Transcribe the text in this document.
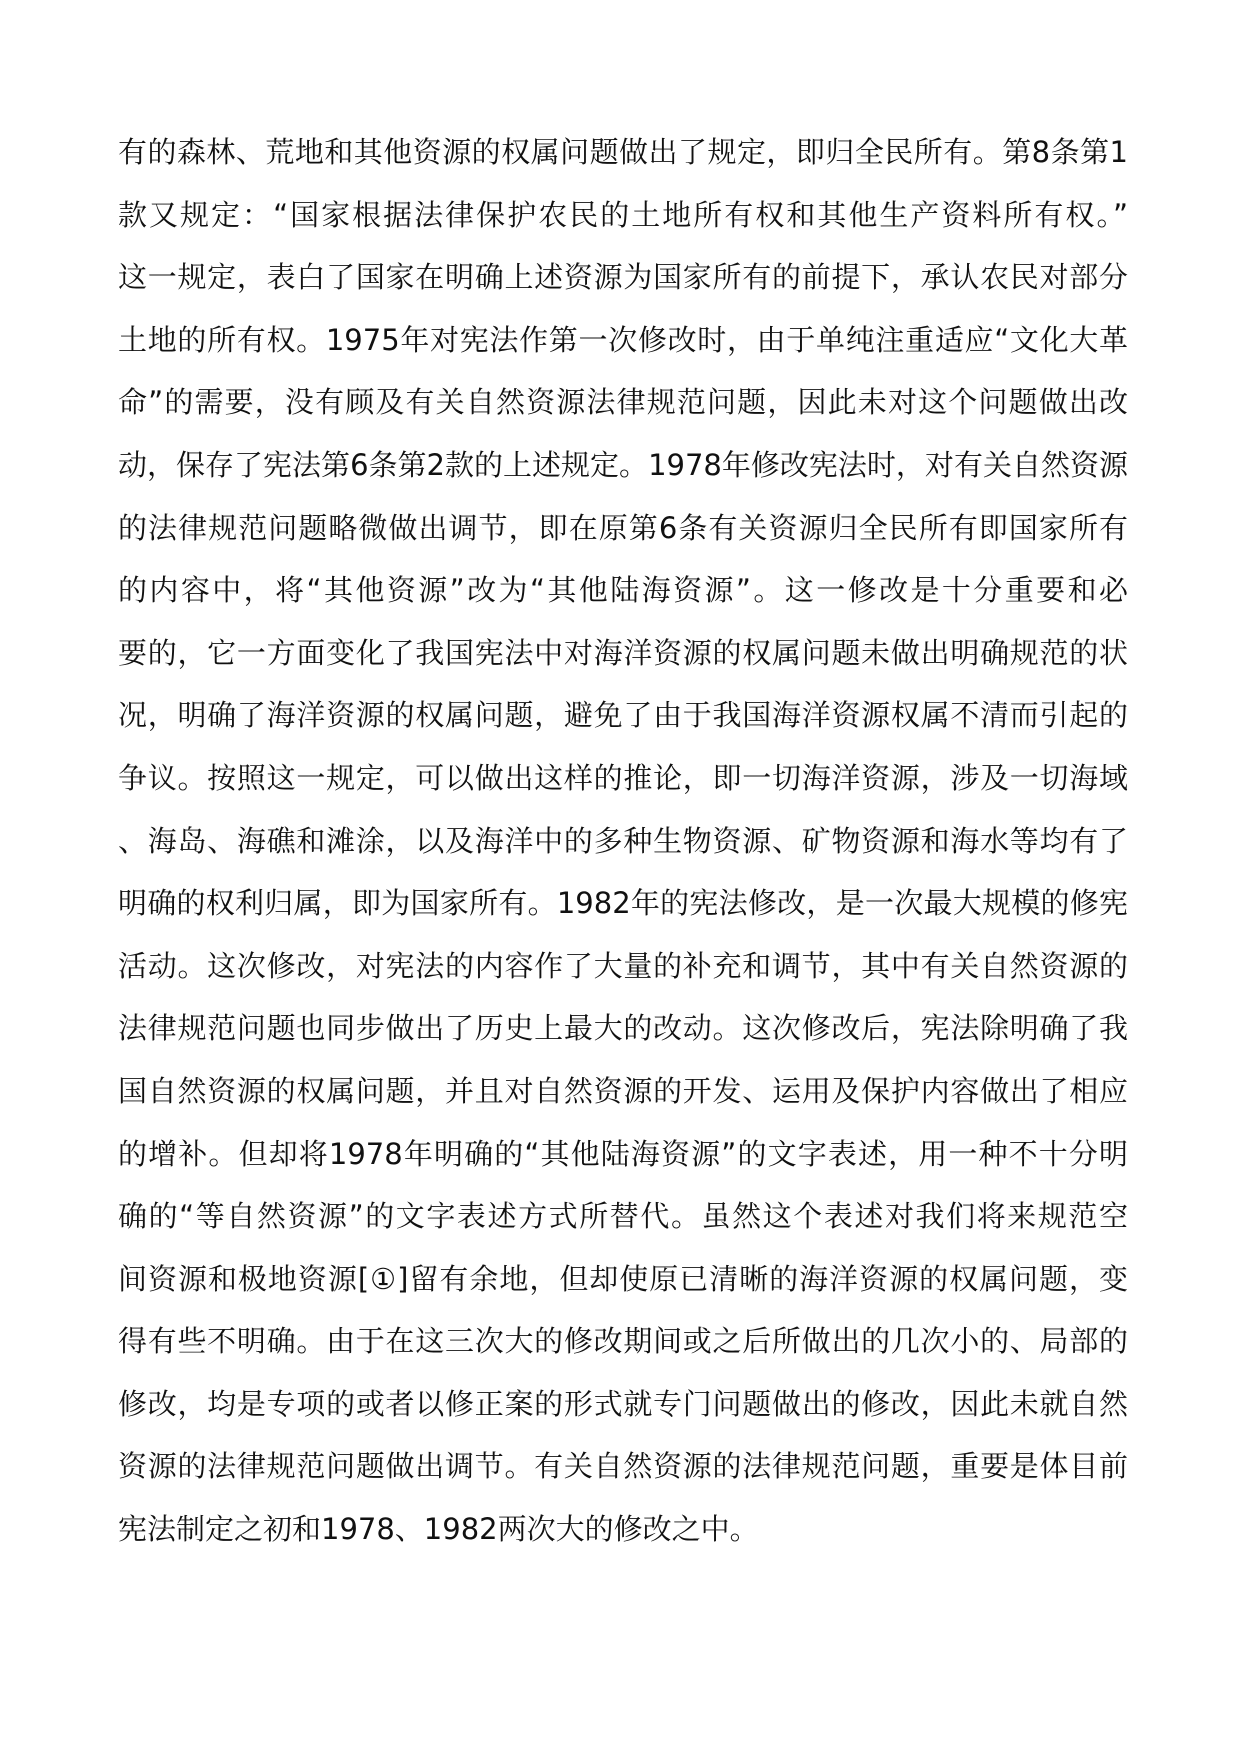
有的森林、荒地和其他资源的权属问题做出了规定，即归全民所有。第8条第1
款又规定：“国家根据法律保护农民的土地所有权和其他生产资料所有权。”
这一规定，表白了国家在明确上述资源为国家所有的前提下，承认农民对部分
土地的所有权。1975年对宪法作第一次修改时，由于单纯注重适应“文化大革
命”的需要，没有顾及有关自然资源法律规范问题，因此未对这个问题做出改
动，保存了宪法第6条第2款的上述规定。1978年修改宪法时，对有关自然资源
的法律规范问题略微做出调节，即在原第6条有关资源归全民所有即国家所有
的内容中，将“其他资源”改为“其他陆海资源”。这一修改是十分重要和必
要的，它一方面变化了我国宪法中对海洋资源的权属问题未做出明确规范的状
况，明确了海洋资源的权属问题，避免了由于我国海洋资源权属不清而引起的
争议。按照这一规定，可以做出这样的推论，即一切海洋资源，涉及一切海域
、海岛、海礁和滩涂，以及海洋中的多种生物资源、矿物资源和海水等均有了
明确的权利归属，即为国家所有。1982年的宪法修改，是一次最大规模的修宪
活动。这次修改，对宪法的内容作了大量的补充和调节，其中有关自然资源的
法律规范问题也同步做出了历史上最大的改动。这次修改后，宪法除明确了我
国自然资源的权属问题，并且对自然资源的开发、运用及保护内容做出了相应
的增补。但却将1978年明确的“其他陆海资源”的文字表述，用一种不十分明
确的“等自然资源”的文字表述方式所替代。虽然这个表述对我们将来规范空
间资源和极地资源[①]留有余地，但却使原已清晰的海洋资源的权属问题，变
得有些不明确。由于在这三次大的修改期间或之后所做出的几次小的、局部的
修改，均是专项的或者以修正案的形式就专门问题做出的修改，因此未就自然
资源的法律规范问题做出调节。有关自然资源的法律规范问题，重要是体目前
宪法制定之初和1978、1982两次大的修改之中。
